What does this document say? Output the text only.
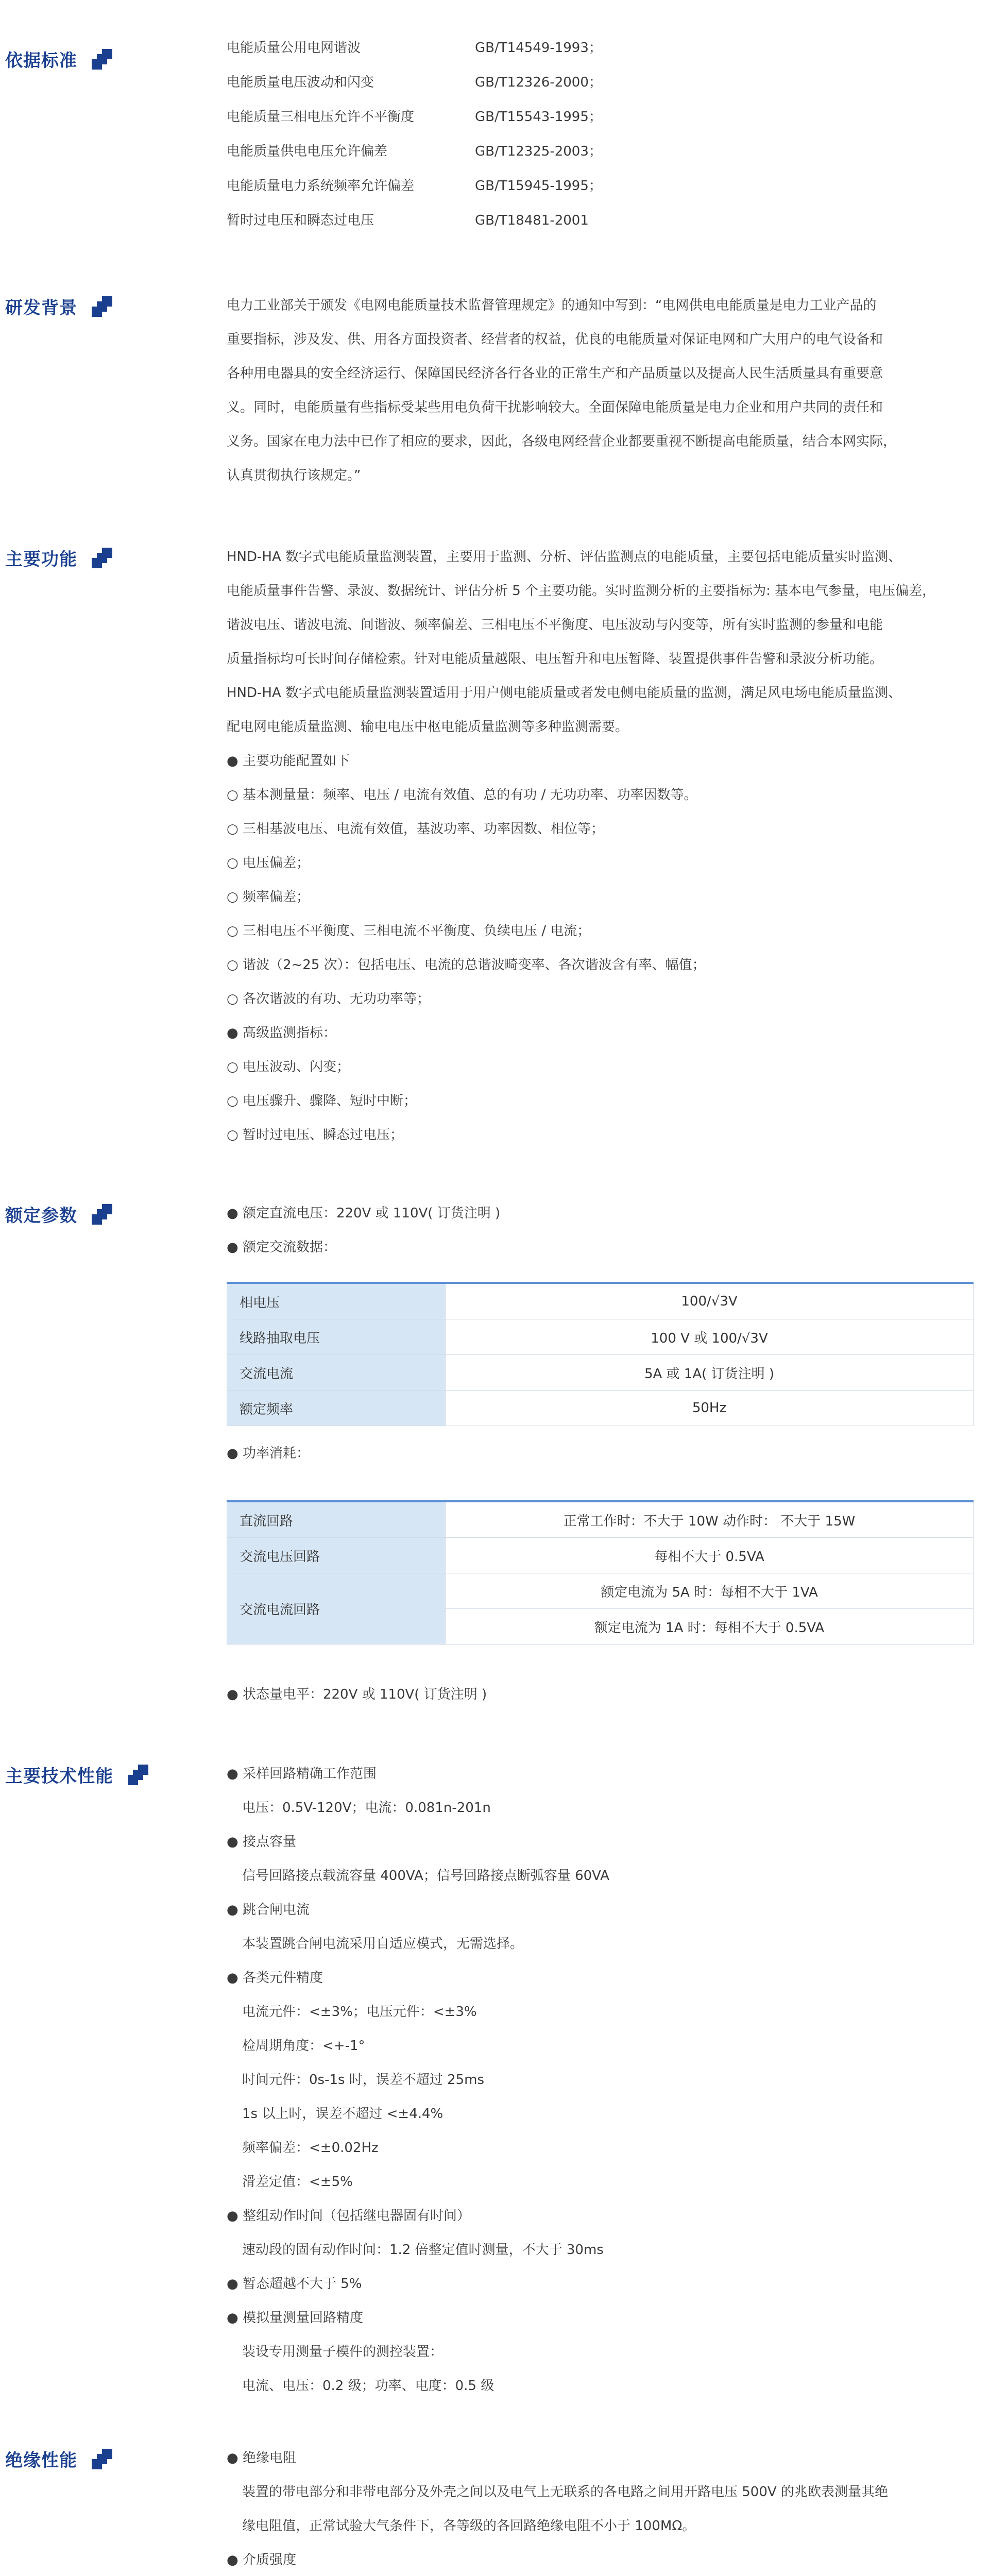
依据标准
电能质量公用电网谐波	GB/T14549-1993；
电能质量电压波动和闪变	GB/T12326-2000；
电能质量三相电压允许不平衡度	GB/T15543-1995；
电能质量供电电压允许偏差	GB/T12325-2003；
电能质量电力系统频率允许偏差	GB/T15945-1995；
暂时过电压和瞬态过电压	GB/T18481-2001
研发背景	电力工业部关于颁发《电网电能质量技术监督管理规定》的通知中写到：“电网供电电能质量是电力工业产品的
重要指标，涉及发、供、用各方面投资者、经营者的权益，优良的电能质量对保证电网和广大用户的电气设备和
各种用电器具的安全经济运行、保障国民经济各行各业的正常生产和产品质量以及提高人民生活质量具有重要意
义。同时，电能质量有些指标受某些用电负荷干扰影响较大。全面保障电能质量是电力企业和用户共同的责任和
义务。国家在电力法中已作了相应的要求，因此，各级电网经营企业都要重视不断提高电能质量，结合本网实际，
认真贯彻执行该规定。”
主要功能	HND-HA 数字式电能质量监测装置，主要用于监测、分析、评估监测点的电能质量，主要包括电能质量实时监测、
电能质量事件告警、录波、数据统计、评估分析 5 个主要功能。实时监测分析的主要指标为: 基本电气参量，电压偏差，
谐波电压、谐波电流、间谐波、频率偏差、三相电压不平衡度、电压波动与闪变等，所有实时监测的参量和电能
质量指标均可长时间存储检索。针对电能质量越限、电压暂升和电压暂降、装置提供事件告警和录波分析功能。
HND-HA 数字式电能质量监测装置适用于用户侧电能质量或者发电侧电能质量的监测，满足风电场电能质量监测、
配电网电能质量监测、输电电压中枢电能质量监测等多种监测需要。
● 主要功能配置如下
○ 基本测量量：频率、电压 / 电流有效值、总的有功 / 无功功率、功率因数等。
○ 三相基波电压、电流有效值，基波功率、功率因数、相位等；
○ 电压偏差；
○ 频率偏差；
○ 三相电压不平衡度、三相电流不平衡度、负续电压 / 电流；
○ 谐波（2~25 次）：包括电压、电流的总谐波畸变率、各次谐波含有率、幅值；
○ 各次谐波的有功、无功功率等；
● 高级监测指标：
○ 电压波动、闪变；
○ 电压骤升、骤降、短时中断；
○ 暂时过电压、瞬态过电压；
额定参数	● 额定直流电压：220V 或 110V( 订货注明 )
● 额定交流数据：
相电压	100/√3V
线路抽取电压	100 V 或 100/√3V
交流电流	5A 或 1A( 订货注明 )
额定频率	50Hz
● 功率消耗：
直流回路	正常工作时：不大于 10W 动作时： 不大于 15W
交流电压回路	每相不大于 0.5VA
交流电流回路	额定电流为 5A 时：每相不大于 1VA
	额定电流为 1A 时：每相不大于 0.5VA
● 状态量电平：220V 或 110V( 订货注明 )
主要技术性能	● 采样回路精确工作范围
电压：0.5V-120V；电流：0.081n-201n
● 接点容量
信号回路接点载流容量 400VA；信号回路接点断弧容量 60VA
● 跳合闸电流
本装置跳合闸电流采用自适应模式，无需选择。
● 各类元件精度
电流元件：<±3%；电压元件：<±3%
检周期角度：<+-1°
时间元件：0s-1s 时，误差不超过 25ms
1s 以上时，误差不超过 <±4.4%
频率偏差：<±0.02Hz
滑差定值：<±5%
● 整组动作时间（包括继电器固有时间）
速动段的固有动作时间：1.2 倍整定值时测量，不大于 30ms
● 暂态超越不大于 5%
● 模拟量测量回路精度
装设专用测量子模件的测控装置：
电流、电压：0.2 级；功率、电度：0.5 级
绝缘性能	● 绝缘电阻
装置的带电部分和非带电部分及外壳之间以及电气上无联系的各电路之间用开路电压 500V 的兆欧表测量其绝
缘电阻值，正常试验大气条件下，各等级的各回路绝缘电阻不小于 100MΩ。
● 介质强度
